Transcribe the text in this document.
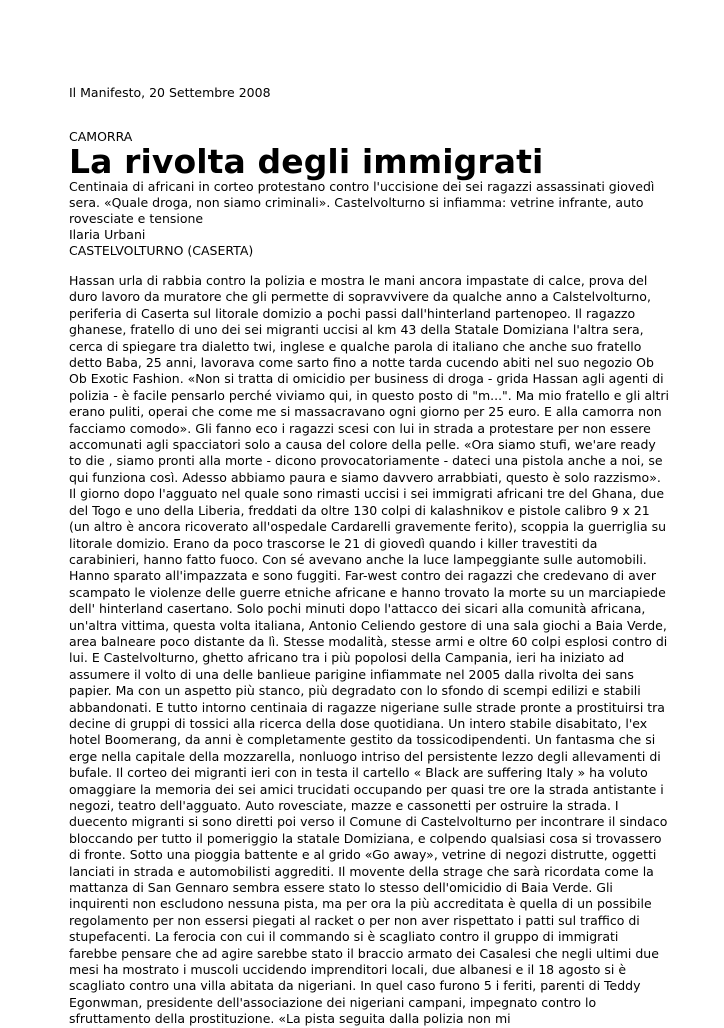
Il Manifesto, 20 Settembre 2008

CAMORRA

La rivolta degli immigrati

Centinaia di africani in corteo protestano contro l'uccisione dei sei ragazzi assassinati giovedì sera. «Quale droga, non siamo criminali». Castelvolturno si infiamma: vetrine infrante, auto rovesciate e tensione

Ilaria Urbani

CASTELVOLTURNO (CASERTA)

Hassan urla di rabbia contro la polizia e mostra le mani ancora impastate di calce, prova del duro lavoro da muratore che gli permette di sopravvivere da qualche anno a Calstelvolturno, periferia di Caserta sul litorale domizio a pochi passi dall'hinterland partenopeo. Il ragazzo ghanese, fratello di uno dei sei migranti uccisi al km 43 della Statale Domiziana l'altra sera, cerca di spiegare tra dialetto twi, inglese e qualche parola di italiano che anche suo fratello detto Baba, 25 anni, lavorava come sarto fino a notte tarda cucendo abiti nel suo negozio Ob Ob Exotic Fashion. «Non si tratta di omicidio per business di droga - grida Hassan agli agenti di polizia - è facile pensarlo perché viviamo qui, in questo posto di "m...". Ma mio fratello e gli altri erano puliti, operai che come me si massacravano ogni giorno per 25 euro. E alla camorra non facciamo comodo». Gli fanno eco i ragazzi scesi con lui in strada a protestare per non essere accomunati agli spacciatori solo a causa del colore della pelle. «Ora siamo stufi, we'are ready to die , siamo pronti alla morte - dicono provocatoriamente - dateci una pistola anche a noi, se qui funziona così. Adesso abbiamo paura e siamo davvero arrabbiati, questo è solo razzismo». Il giorno dopo l'agguato nel quale sono rimasti uccisi i sei immigrati africani tre del Ghana, due del Togo e uno della Liberia, freddati da oltre 130 colpi di kalashnikov e pistole calibro 9 x 21 (un altro è ancora ricoverato all'ospedale Cardarelli gravemente ferito), scoppia la guerriglia su litorale domizio. Erano da poco trascorse le 21 di giovedì quando i killer travestiti da carabinieri, hanno fatto fuoco. Con sé avevano anche la luce lampeggiante sulle automobili. Hanno sparato all'impazzata e sono fuggiti. Far-west contro dei ragazzi che credevano di aver scampato le violenze delle guerre etniche africane e hanno trovato la morte su un marciapiede dell' hinterland casertano. Solo pochi minuti dopo l'attacco dei sicari alla comunità africana, un'altra vittima, questa volta italiana, Antonio Celiendo gestore di una sala giochi a Baia Verde, area balneare poco distante da lì. Stesse modalità, stesse armi e oltre 60 colpi esplosi contro di lui. E Castelvolturno, ghetto africano tra i più popolosi della Campania, ieri ha iniziato ad assumere il volto di una delle banlieue parigine infiammate nel 2005 dalla rivolta dei sans papier. Ma con un aspetto più stanco, più degradato con lo sfondo di scempi edilizi e stabili abbandonati. E tutto intorno centinaia di ragazze nigeriane sulle strade pronte a prostituirsi tra decine di gruppi di tossici alla ricerca della dose quotidiana. Un intero stabile disabitato, l'ex hotel Boomerang, da anni è completamente gestito da tossicodipendenti. Un fantasma che si erge nella capitale della mozzarella, nonluogo intriso del persistente lezzo degli allevamenti di bufale. Il corteo dei migranti ieri con in testa il cartello « Black are suffering Italy » ha voluto omaggiare la memoria dei sei amici trucidati occupando per quasi tre ore la strada antistante i negozi, teatro dell'agguato. Auto rovesciate, mazze e cassonetti per ostruire la strada. I duecento migranti si sono diretti poi verso il Comune di Castelvolturno per incontrare il sindaco bloccando per tutto il pomeriggio la statale Domiziana, e colpendo qualsiasi cosa si trovassero di fronte. Sotto una pioggia battente e al grido «Go away», vetrine di negozi distrutte, oggetti lanciati in strada e automobilisti aggrediti. Il movente della strage che sarà ricordata come la mattanza di San Gennaro sembra essere stato lo stesso dell'omicidio di Baia Verde. Gli inquirenti non escludono nessuna pista, ma per ora la più accreditata è quella di un possibile regolamento per non essersi piegati al racket o per non aver rispettato i patti sul traffico di stupefacenti. La ferocia con cui il commando si è scagliato contro il gruppo di immigrati farebbe pensare che ad agire sarebbe stato il braccio armato dei Casalesi che negli ultimi due mesi ha mostrato i muscoli uccidendo imprenditori locali, due albanesi e il 18 agosto si è scagliato contro una villa abitata da nigeriani. In quel caso furono 5 i feriti, parenti di Teddy Egonwman, presidente dell'associazione dei nigeriani campani, impegnato contro lo sfruttamento della prostituzione. «La pista seguita dalla polizia non mi
